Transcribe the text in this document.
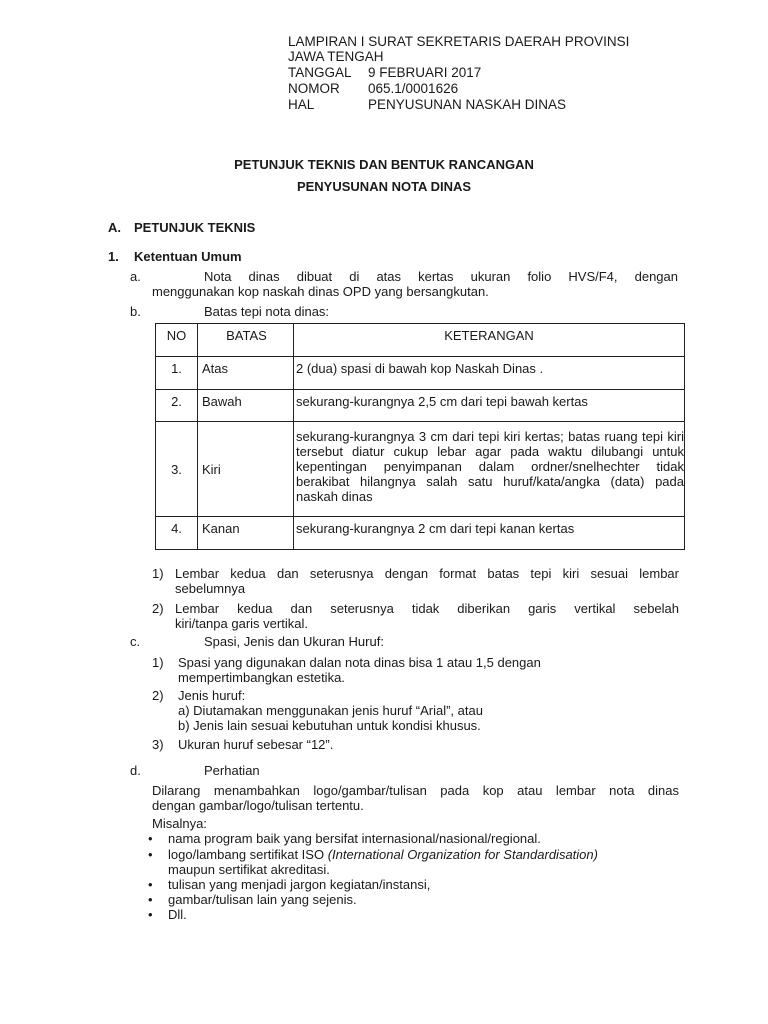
LAMPIRAN I SURAT SEKRETARIS DAERAH PROVINSI
JAWA TENGAH
TANGGAL 9 FEBRUARI 2017
NOMOR 065.1/0001626
HAL	PENYUSUNAN NASKAH DINAS
PETUNJUK TEKNIS DAN BENTUK RANCANGAN
PENYUSUNAN NOTA DINAS
A. PETUNJUK TEKNIS
1. Ketentuan Umum
a.	Nota dinas dibuat di atas kertas ukuran folio HVS/F4, dengan
menggunakan kop naskah dinas OPD yang bersangkutan.
b.	Batas tepi nota dinas:
NO	BATAS	KETERANGAN
1.	Atas	2 (dua) spasi di bawah kop Naskah Dinas .
2.	Bawah	sekurang-kurangnya 2,5 cm dari tepi bawah kertas
3.	Kiri	sekurang-kurangnya 3 cm dari tepi kiri kertas; batas ruang tepi kiri tersebut diatur cukup lebar agar pada waktu dilubangi untuk kepentingan penyimpanan dalam ordner/snelhechter tidak berakibat hilangnya salah satu huruf/kata/angka (data) pada naskah dinas
4.	Kanan	sekurang-kurangnya 2 cm dari tepi kanan kertas
1) Lembar kedua dan seterusnya dengan format batas tepi kiri sesuai lembar
sebelumnya
2) Lembar kedua dan seterusnya tidak diberikan garis vertikal sebelah
kiri/tanpa garis vertikal.
c.	Spasi, Jenis dan Ukuran Huruf:
1) Spasi yang digunakan dalan nota dinas bisa 1 atau 1,5 dengan
mempertimbangkan estetika.
2) Jenis huruf:
a) Diutamakan menggunakan jenis huruf “Arial”, atau
b) Jenis lain sesuai kebutuhan untuk kondisi khusus.
3) Ukuran huruf sebesar “12”.
d.	Perhatian
Dilarang menambahkan logo/gambar/tulisan pada kop atau lembar nota dinas
dengan gambar/logo/tulisan tertentu.
Misalnya:
• nama program baik yang bersifat internasional/nasional/regional.
• logo/lambang sertifikat ISO (International Organization for Standardisation)
maupun sertifikat akreditasi.
• tulisan yang menjadi jargon kegiatan/instansi,
• gambar/tulisan lain yang sejenis.
• Dll.
